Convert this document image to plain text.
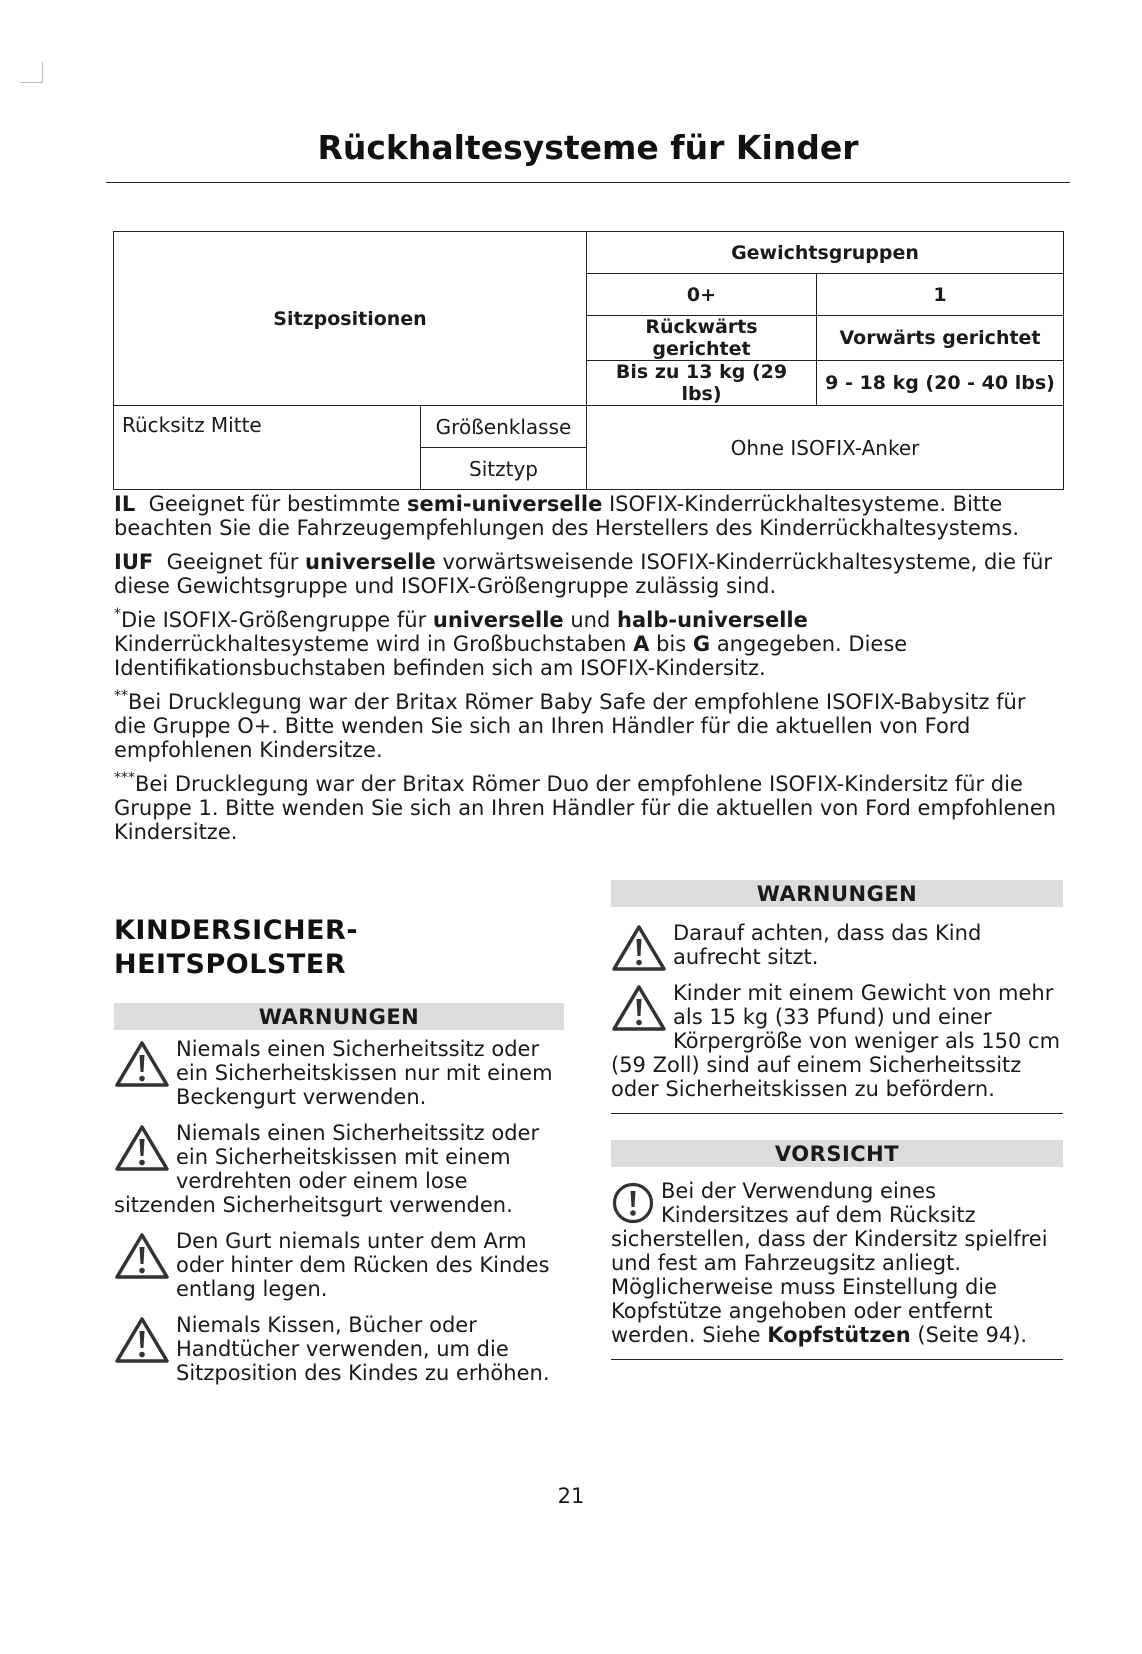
Rückhaltesysteme für Kinder
Sitzpositionen		Gewichtsgruppen	
		0+	1
		Rückwärts gerichtet	Vorwärts gerichtet
		Bis zu 13 kg (29 lbs)	9 - 18 kg (20 - 40 lbs)
Rücksitz Mitte	Größenklasse	Ohne ISOFIX-Anker	
	Sitztyp		

IL Geeignet für bestimmte semi-universelle ISOFIX-Kinderrückhaltesysteme. Bitte beachten Sie die Fahrzeugempfehlungen des Herstellers des Kinderrückhaltesystems.

IUF Geeignet für universelle vorwärtsweisende ISOFIX-Kinderrückhaltesysteme, die für diese Gewichtsgruppe und ISOFIX-Größengruppe zulässig sind.

*Die ISOFIX-Größengruppe für universelle und halb-universelle Kinderrückhaltesysteme wird in Großbuchstaben A bis G angegeben. Diese Identifikationsbuchstaben befinden sich am ISOFIX-Kindersitz.

**Bei Drucklegung war der Britax Römer Baby Safe der empfohlene ISOFIX-Babysitz für die Gruppe O+. Bitte wenden Sie sich an Ihren Händler für die aktuellen von Ford empfohlenen Kindersitze.

***Bei Drucklegung war der Britax Römer Duo der empfohlene ISOFIX-Kindersitz für die Gruppe 1. Bitte wenden Sie sich an Ihren Händler für die aktuellen von Ford empfohlenen Kindersitze.

KINDERSICHER-
HEITSPOLSTER
WARNUNGEN
Niemals einen Sicherheitssitz oder ein Sicherheitskissen nur mit einem Beckengurt verwenden.
Niemals einen Sicherheitssitz oder ein Sicherheitskissen mit einem verdrehten oder einem lose sitzenden Sicherheitsgurt verwenden.
Den Gurt niemals unter dem Arm oder hinter dem Rücken des Kindes entlang legen.
Niemals Kissen, Bücher oder Handtücher verwenden, um die Sitzposition des Kindes zu erhöhen.
WARNUNGEN
Darauf achten, dass das Kind aufrecht sitzt.
Kinder mit einem Gewicht von mehr als 15 kg (33 Pfund) und einer Körpergröße von weniger als 150 cm (59 Zoll) sind auf einem Sicherheitssitz oder Sicherheitskissen zu befördern.
VORSICHT
Bei der Verwendung eines Kindersitzes auf dem Rücksitz sicherstellen, dass der Kindersitz spielfrei und fest am Fahrzeugsitz anliegt. Möglicherweise muss Einstellung die Kopfstütze angehoben oder entfernt werden. Siehe Kopfstützen (Seite 94).
21
